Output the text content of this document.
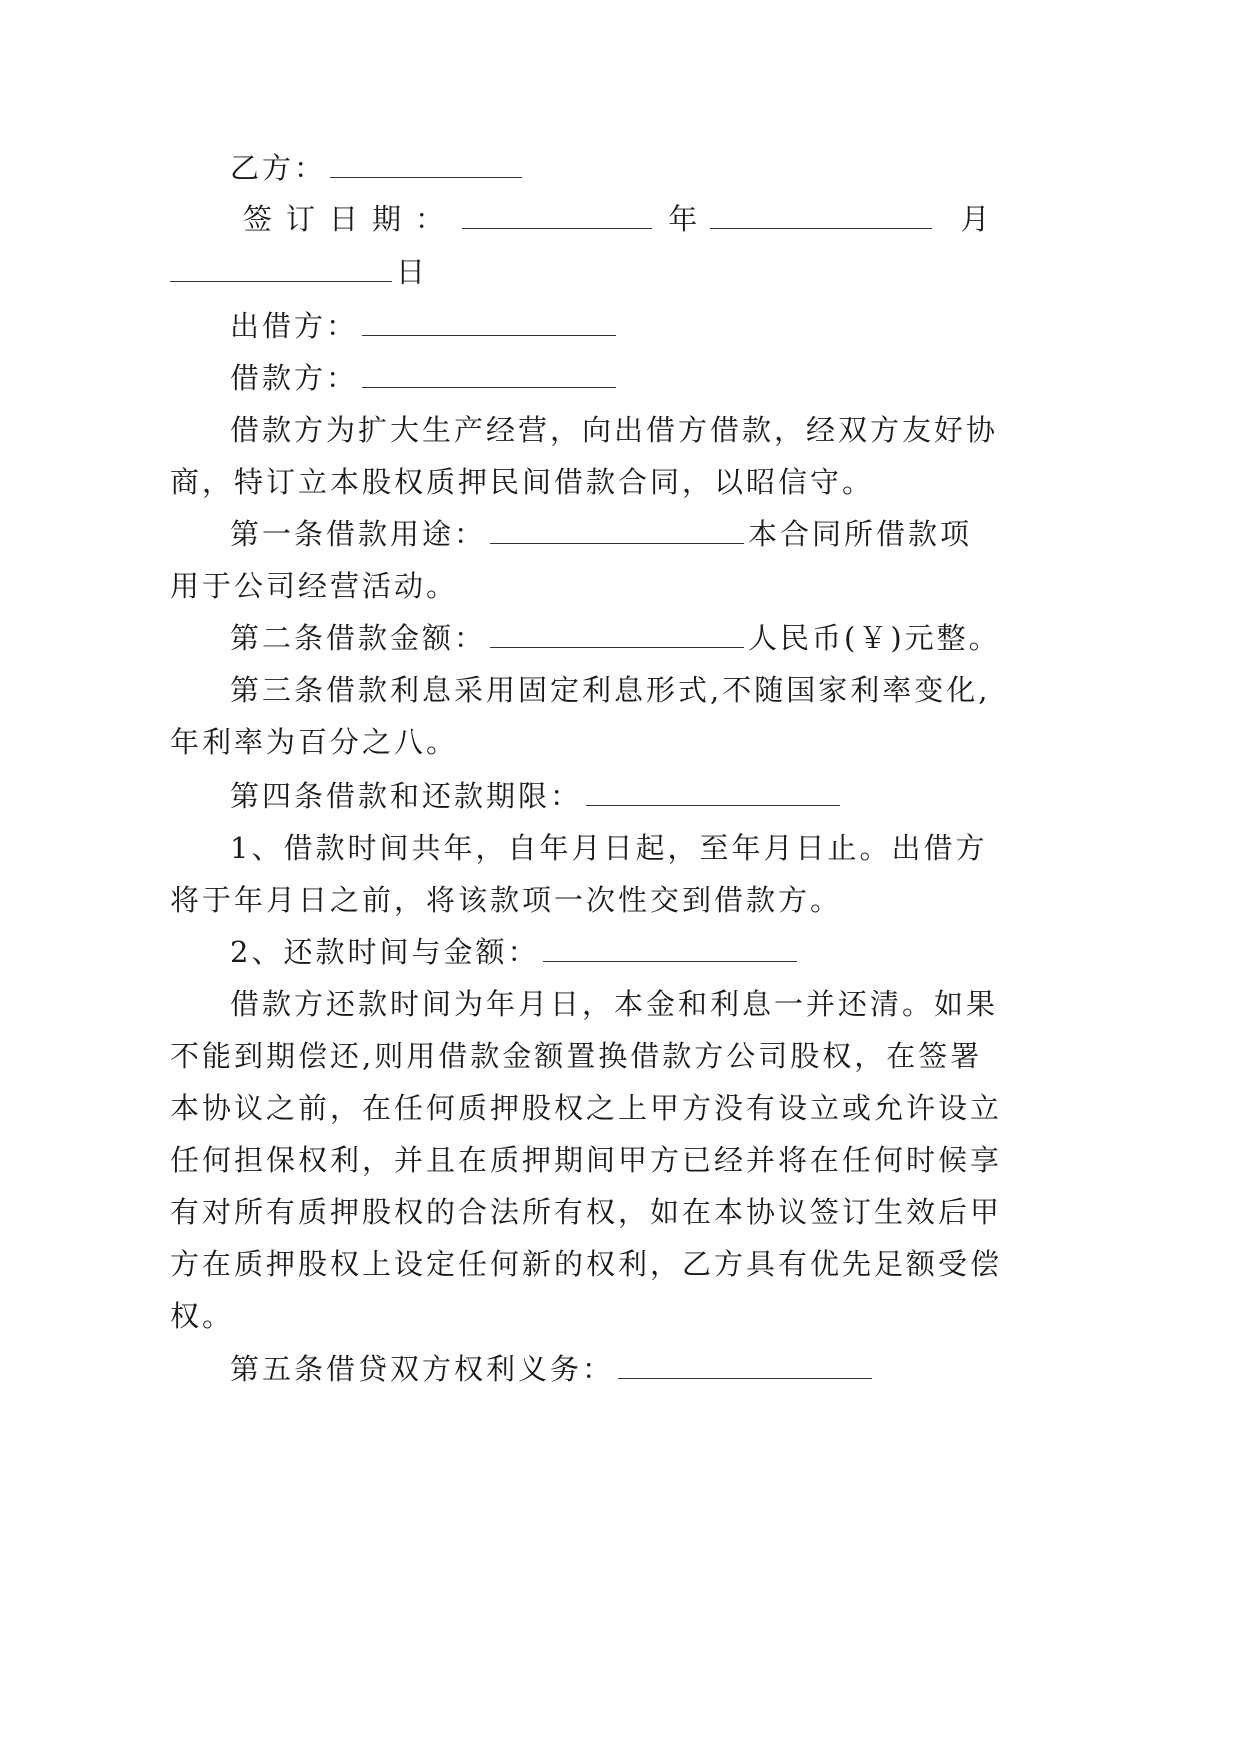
乙方：
签订日期：	年	月
日
出借方：
借款方：
借款方为扩大生产经营，向出借方借款，经双方友好协
商，特订立本股权质押民间借款合同，以昭信守。
第一条借款用途：	本合同所借款项
用于公司经营活动。
第二条借款金额：	人民币(￥)元整。
第三条借款利息采用固定利息形式,不随国家利率变化,
年利率为百分之八。
第四条借款和还款期限：
1、借款时间共年，自年月日起，至年月日止。出借方
将于年月日之前，将该款项一次性交到借款方。
2、还款时间与金额：
借款方还款时间为年月日，本金和利息一并还清。如果
不能到期偿还,则用借款金额置换借款方公司股权，在签署
本协议之前，在任何质押股权之上甲方没有设立或允许设立
任何担保权利，并且在质押期间甲方已经并将在任何时候享
有对所有质押股权的合法所有权，如在本协议签订生效后甲
方在质押股权上设定任何新的权利，乙方具有优先足额受偿
权。
第五条借贷双方权利义务：
